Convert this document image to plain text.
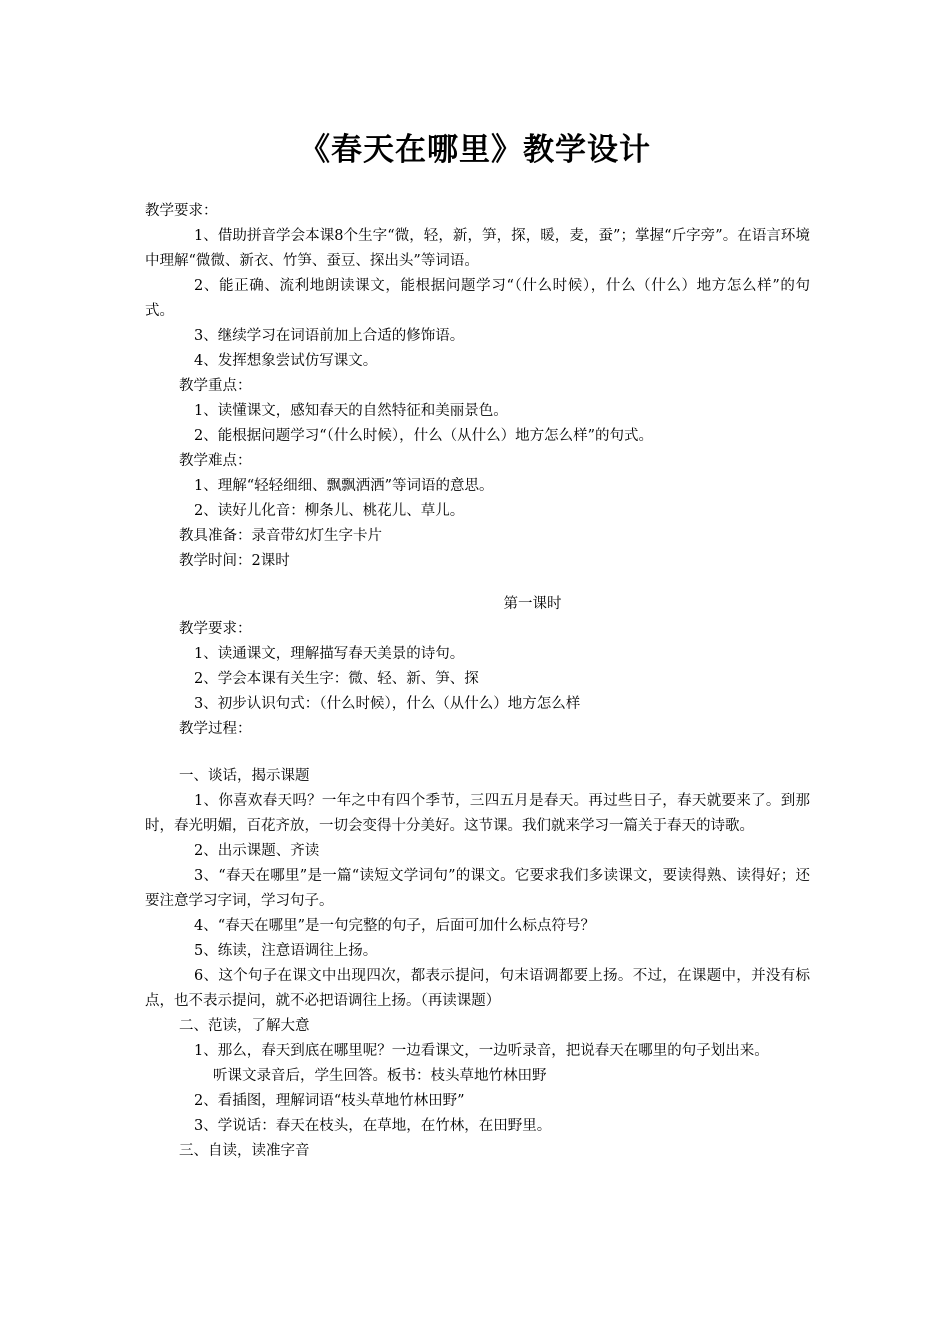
《春天在哪里》教学设计
教学要求：
1、借助拼音学会本课8个生字“微，轻，新，笋，探，暖，麦，蚕”；掌握“斤字旁”。在语言环境中理解“微微、新衣、竹笋、蚕豆、探出头”等词语。
2、能正确、流利地朗读课文，能根据问题学习“（什么时候），什么（什么）地方怎么样”的句式。
3、继续学习在词语前加上合适的修饰语。
4、发挥想象尝试仿写课文。
教学重点：
1、读懂课文，感知春天的自然特征和美丽景色。
2、能根据问题学习“（什么时候），什么（从什么）地方怎么样”的句式。
教学难点：
1、理解“轻轻细细、飘飘洒洒”等词语的意思。
2、读好儿化音：柳条儿、桃花儿、草儿。
教具准备：录音带幻灯生字卡片
教学时间：2课时
第一课时
教学要求：
1、读通课文，理解描写春天美景的诗句。
2、学会本课有关生字：微、轻、新、笋、探
3、初步认识句式：（什么时候），什么（从什么）地方怎么样
教学过程：
一、谈话，揭示课题
1、你喜欢春天吗？一年之中有四个季节，三四五月是春天。再过些日子，春天就要来了。到那时，春光明媚，百花齐放，一切会变得十分美好。这节课。我们就来学习一篇关于春天的诗歌。
2、出示课题、齐读
3、“春天在哪里”是一篇“读短文学词句”的课文。它要求我们多读课文，要读得熟、读得好；还要注意学习字词，学习句子。
4、“春天在哪里”是一句完整的句子，后面可加什么标点符号？
5、练读，注意语调往上扬。
6、这个句子在课文中出现四次，都表示提问，句末语调都要上扬。不过，在课题中，并没有标点，也不表示提问，就不必把语调往上扬。（再读课题）
二、范读，了解大意
1、那么，春天到底在哪里呢？一边看课文，一边听录音，把说春天在哪里的句子划出来。
听课文录音后，学生回答。板书：枝头草地竹林田野
2、看插图，理解词语“枝头草地竹林田野”
3、学说话：春天在枝头，在草地，在竹林，在田野里。
三、自读，读准字音
